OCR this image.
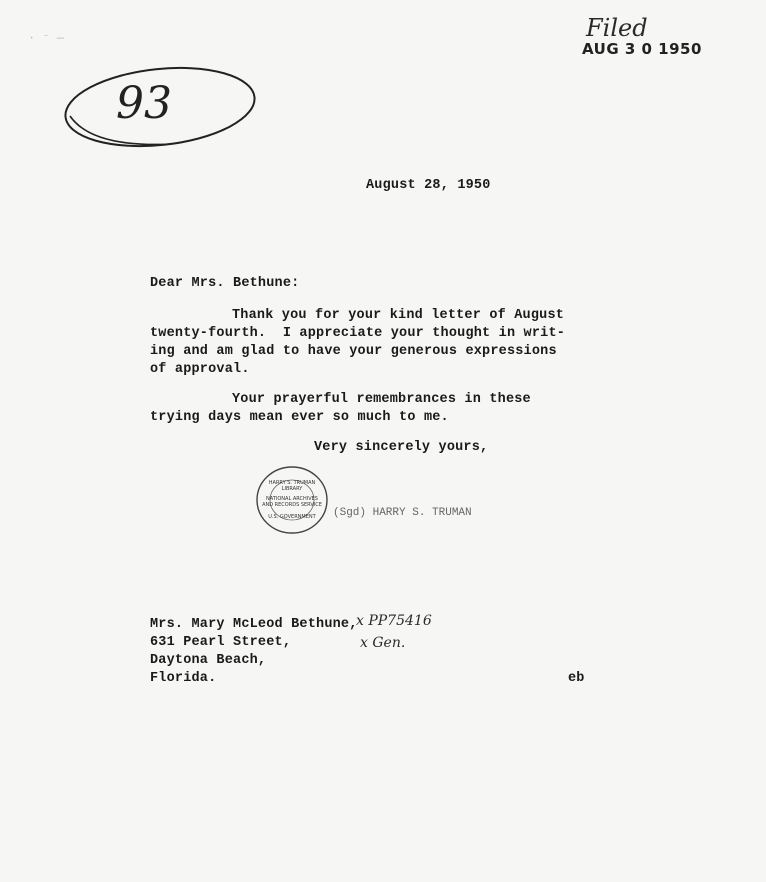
· ⁻ —	Filed
AUG 3 0 1950
93
August 28, 1950
Dear Mrs. Bethune:
Thank you for your kind letter of August
twenty-fourth.  I appreciate your thought in writ-
ing and am glad to have your generous expressions
of approval.
Your prayerful remembrances in these
trying days mean ever so much to me.
Very sincerely yours,
HARRY S. TRUMAN LIBRARY
NATIONAL ARCHIVES AND RECORDS SERVICE
U.S. GOVERNMENT	(Sgd) HARRY S. TRUMAN
Mrs. Mary McLeod Bethune,
631 Pearl Street,
Daytona Beach,
Florida.
x PP75416
x Gen.
eb
